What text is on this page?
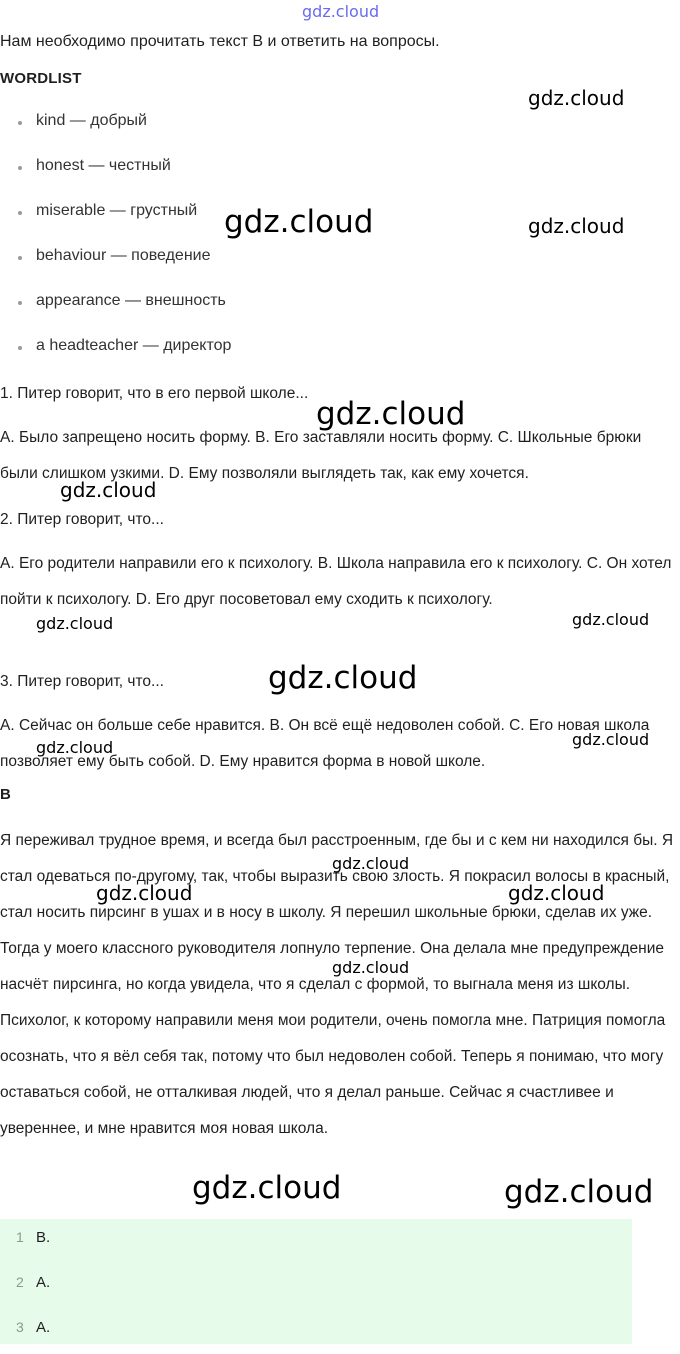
gdz.cloud

Нам необходимо прочитать текст B и ответить на вопросы.

WORDLIST
kind — добрый
honest — честный
miserable — грустный
behaviour — поведение
appearance — внешность
a headteacher — директор

1. Питер говорит, что в его первой школе...

A. Было запрещено носить форму. B. Его заставляли носить форму. C. Школьные брюки были слишком узкими. D. Ему позволяли выглядеть так, как ему хочется.

2. Питер говорит, что...

A. Его родители направили его к психологу. B. Школа направила его к психологу. C. Он хотел пойти к психологу. D. Его друг посоветовал ему сходить к психологу.

3. Питер говорит, что...

A. Сейчас он больше себе нравится. B. Он всё ещё недоволен собой. C. Его новая школа позволяет ему быть собой. D. Ему нравится форма в новой школе.

B

Я переживал трудное время, и всегда был расстроенным, где бы и с кем ни находился бы. Я стал одеваться по-другому, так, чтобы выразить свою злость. Я покрасил волосы в красный, стал носить пирсинг в ушах и в носу в школу. Я перешил школьные брюки, сделав их уже. Тогда у моего классного руководителя лопнуло терпение. Она делала мне предупреждение насчёт пирсинга, но когда увидела, что я сделал с формой, то выгнала меня из школы. Психолог, к которому направили меня мои родители, очень помогла мне. Патриция помогла осознать, что я вёл себя так, потому что был недоволен собой. Теперь я понимаю, что могу оставаться собой, не отталкивая людей, что я делал раньше. Сейчас я счастливее и увереннее, и мне нравится моя новая школа.

1 B.
2 A.
3 A.
gdz.cloud
gdz.cloud	gdz.cloud
gdz.cloud
gdz.cloud
gdz.cloud	gdz.cloud
gdz.cloud
gdz.cloud	gdz.cloud
gdz.cloud
gdz.cloud	gdz.cloud
gdz.cloud
gdz.cloud	gdz.cloud
